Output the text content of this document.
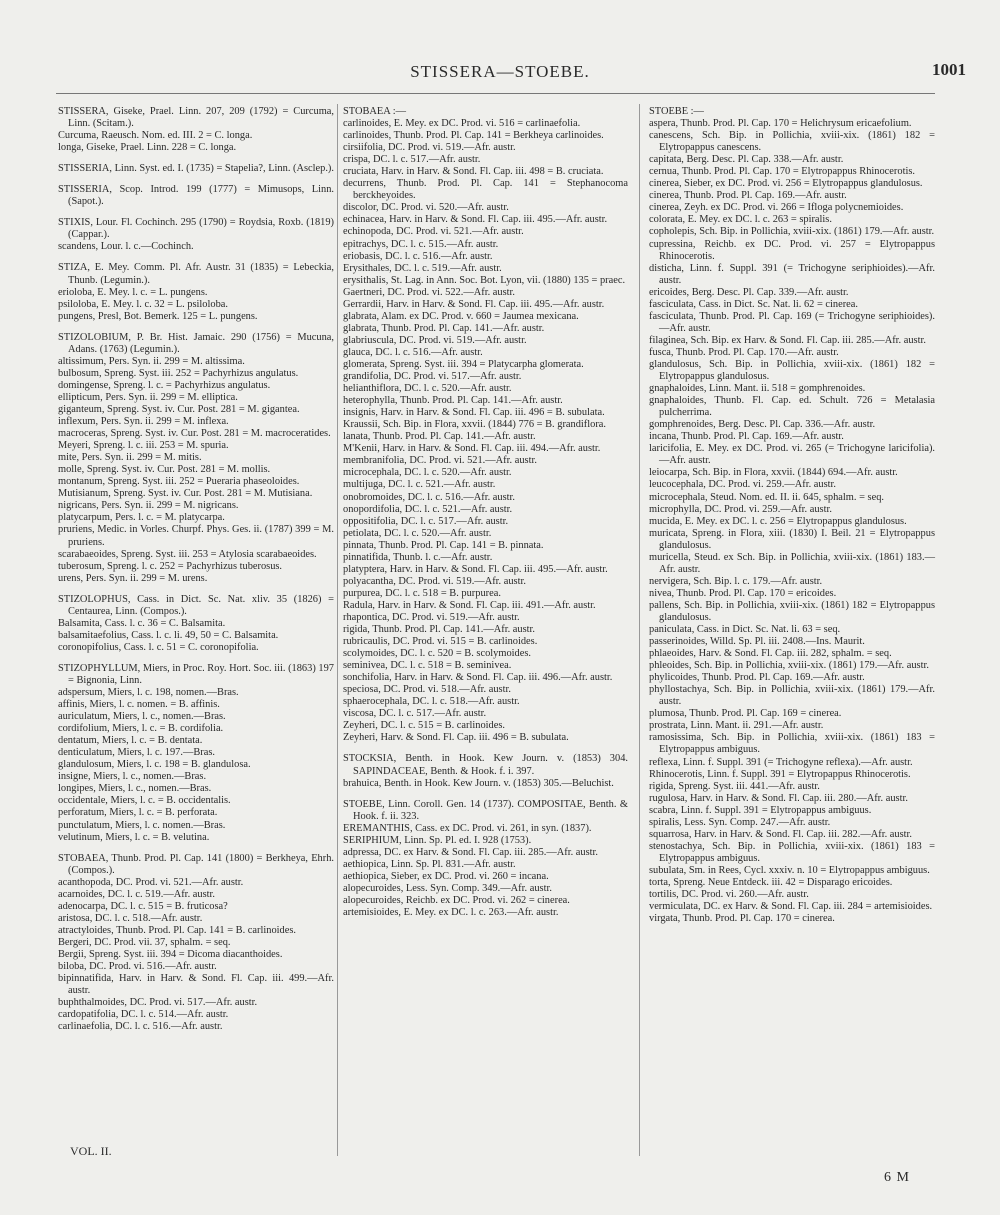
STISSERA—STOEBE.	1001
STISSERA, Giseke, Prael. Linn. 207, 209 (1792) = Curcuma, Linn. (Scitam.).
Curcuma, Raeusch. Nom. ed. III. 2 = C. longa.
longa, Giseke, Prael. Linn. 228 = C. longa.
STISSERIA, Linn. Syst. ed. I. (1735) = Stapelia?, Linn. (Asclep.).
STISSERIA, Scop. Introd. 199 (1777) = Mimusops, Linn. (Sapot.).
STIXIS, Lour. Fl. Cochinch. 295 (1790) = Roydsia, Roxb. (1819) (Cappar.).
scandens, Lour. l. c.—Cochinch.
STIZA, E. Mey. Comm. Pl. Afr. Austr. 31 (1835) = Lebeckia, Thunb. (Legumin.).
erioloba, E. Mey. l. c. = L. pungens.
psiloloba, E. Mey. l. c. 32 = L. psiloloba.
pungens, Presl, Bot. Bemerk. 125 = L. pungens.
STIZOLOBIUM, P. Br. Hist. Jamaic. 290 (1756) = Mucuna, Adans. (1763) (Legumin.).
altissimum, Pers. Syn. ii. 299 = M. altissima.
bulbosum, Spreng. Syst. iii. 252 = Pachyrhizus angulatus.
domingense, Spreng. l. c. = Pachyrhizus angulatus.
ellipticum, Pers. Syn. ii. 299 = M. elliptica.
giganteum, Spreng. Syst. iv. Cur. Post. 281 = M. gigantea.
inflexum, Pers. Syn. ii. 299 = M. inflexa.
macroceras, Spreng. Syst. iv. Cur. Post. 281 = M. macroceratides.
Meyeri, Spreng. l. c. iii. 253 = M. spuria.
mite, Pers. Syn. ii. 299 = M. mitis.
molle, Spreng. Syst. iv. Cur. Post. 281 = M. mollis.
montanum, Spreng. Syst. iii. 252 = Pueraria phaseoloides.
Mutisianum, Spreng. Syst. iv. Cur. Post. 281 = M. Mutisiana.
nigricans, Pers. Syn. ii. 299 = M. nigricans.
platycarpum, Pers. l. c. = M. platycarpa.
pruriens, Medic. in Vorles. Churpf. Phys. Ges. ii. (1787) 399 = M. pruriens.
scarabaeoides, Spreng. Syst. iii. 253 = Atylosia scarabaeoides.
tuberosum, Spreng. l. c. 252 = Pachyrhizus tuberosus.
urens, Pers. Syn. ii. 299 = M. urens.
STIZOLOPHUS, Cass. in Dict. Sc. Nat. xliv. 35 (1826) = Centaurea, Linn. (Compos.).
Balsamita, Cass. l. c. 36 = C. Balsamita.
balsamitaefolius, Cass. l. c. li. 49, 50 = C. Balsamita.
coronopifolius, Cass. l. c. 51 = C. coronopifolia.
STIZOPHYLLUM, Miers, in Proc. Roy. Hort. Soc. iii. (1863) 197 = Bignonia, Linn.
adspersum, Miers, l. c. 198, nomen.—Bras.
affinis, Miers, l. c. nomen. = B. affinis.
auriculatum, Miers, l. c., nomen.—Bras.
cordifolium, Miers, l. c. = B. cordifolia.
dentatum, Miers, l. c. = B. dentata.
denticulatum, Miers, l. c. 197.—Bras.
glandulosum, Miers, l. c. 198 = B. glandulosa.
insigne, Miers, l. c., nomen.—Bras.
longipes, Miers, l. c., nomen.—Bras.
occidentale, Miers, l. c. = B. occidentalis.
perforatum, Miers, l. c. = B. perforata.
punctulatum, Miers, l. c. nomen.—Bras.
velutinum, Miers, l. c. = B. velutina.
STOBAEA, Thunb. Prod. Pl. Cap. 141 (1800) = Berkheya, Ehrh. (Compos.).
acanthopoda, DC. Prod. vi. 521.—Afr. austr.
acarnoides, DC. l. c. 519.—Afr. austr.
adenocarpa, DC. l. c. 515 = B. fruticosa?
aristosa, DC. l. c. 518.—Afr. austr.
atractyloides, Thunb. Prod. Pl. Cap. 141 = B. carlinoides.
Bergeri, DC. Prod. vii. 37, sphalm. = seq.
Bergii, Spreng. Syst. iii. 394 = Dicoma diacanthoides.
biloba, DC. Prod. vi. 516.—Afr. austr.
bipinnatifida, Harv. in Harv. & Sond. Fl. Cap. iii. 499.—Afr. austr.
buphthalmoides, DC. Prod. vi. 517.—Afr. austr.
cardopatifolia, DC. l. c. 514.—Afr. austr.
carlinaefolia, DC. l. c. 516.—Afr. austr.
STOBAEA :—
carlinoides, E. Mey. ex DC. Prod. vi. 516 = carlinaefolia.
carlinoides, Thunb. Prod. Pl. Cap. 141 = Berkheya carlinoides.
cirsiifolia, DC. Prod. vi. 519.—Afr. austr.
crispa, DC. l. c. 517.—Afr. austr.
cruciata, Harv. in Harv. & Sond. Fl. Cap. iii. 498 = B. cruciata.
decurrens, Thunb. Prod. Pl. Cap. 141 = Stephanocoma berckheyoides.
discolor, DC. Prod. vi. 520.—Afr. austr.
echinacea, Harv. in Harv. & Sond. Fl. Cap. iii. 495.—Afr. austr.
echinopoda, DC. Prod. vi. 521.—Afr. austr.
epitrachys, DC. l. c. 515.—Afr. austr.
eriobasis, DC. l. c. 516.—Afr. austr.
Erysithales, DC. l. c. 519.—Afr. austr.
erysithalis, St. Lag. in Ann. Soc. Bot. Lyon, vii. (1880) 135 = praec.
Gaertneri, DC. Prod. vi. 522.—Afr. austr.
Gerrardii, Harv. in Harv. & Sond. Fl. Cap. iii. 495.—Afr. austr.
glabrata, Alam. ex DC. Prod. v. 660 = Jaumea mexicana.
glabrata, Thunb. Prod. Pl. Cap. 141.—Afr. austr.
glabriuscula, DC. Prod. vi. 519.—Afr. austr.
glauca, DC. l. c. 516.—Afr. austr.
glomerata, Spreng. Syst. iii. 394 = Platycarpha glomerata.
grandifolia, DC. Prod. vi. 517.—Afr. austr.
helianthiflora, DC. l. c. 520.—Afr. austr.
heterophylla, Thunb. Prod. Pl. Cap. 141.—Afr. austr.
insignis, Harv. in Harv. & Sond. Fl. Cap. iii. 496 = B. subulata.
Kraussii, Sch. Bip. in Flora, xxvii. (1844) 776 = B. grandiflora.
lanata, Thunb. Prod. Pl. Cap. 141.—Afr. austr.
M'Kenii, Harv. in Harv. & Sond. Fl. Cap. iii. 494.—Afr. austr.
membranifolia, DC. Prod. vi. 521.—Afr. austr.
microcephala, DC. l. c. 520.—Afr. austr.
multijuga, DC. l. c. 521.—Afr. austr.
onobromoides, DC. l. c. 516.—Afr. austr.
onopordifolia, DC. l. c. 521.—Afr. austr.
oppositifolia, DC. l. c. 517.—Afr. austr.
petiolata, DC. l. c. 520.—Afr. austr.
pinnata, Thunb. Prod. Pl. Cap. 141 = B. pinnata.
pinnatifida, Thunb. l. c.—Afr. austr.
platyptera, Harv. in Harv. & Sond. Fl. Cap. iii. 495.—Afr. austr.
polyacantha, DC. Prod. vi. 519.—Afr. austr.
purpurea, DC. l. c. 518 = B. purpurea.
Radula, Harv. in Harv. & Sond. Fl. Cap. iii. 491.—Afr. austr.
rhapontica, DC. Prod. vi. 519.—Afr. austr.
rigida, Thunb. Prod. Pl. Cap. 141.—Afr. austr.
rubricaulis, DC. Prod. vi. 515 = B. carlinoides.
scolymoides, DC. l. c. 520 = B. scolymoides.
seminivea, DC. l. c. 518 = B. seminivea.
sonchifolia, Harv. in Harv. & Sond. Fl. Cap. iii. 496.—Afr. austr.
speciosa, DC. Prod. vi. 518.—Afr. austr.
sphaerocephala, DC. l. c. 518.—Afr. austr.
viscosa, DC. l. c. 517.—Afr. austr.
Zeyheri, DC. l. c. 515 = B. carlinoides.
Zeyheri, Harv. & Sond. Fl. Cap. iii. 496 = B. subulata.
STOCKSIA, Benth. in Hook. Kew Journ. v. (1853) 304. SAPINDACEAE, Benth. & Hook. f. i. 397.
brahuica, Benth. in Hook. Kew Journ. v. (1853) 305.—Beluchist.
STOEBE, Linn. Coroll. Gen. 14 (1737). COMPOSITAE, Benth. & Hook. f. ii. 323.
EREMANTHIS, Cass. ex DC. Prod. vi. 261, in syn. (1837).
SERIPHIUM, Linn. Sp. Pl. ed. I. 928 (1753).
adpressa, DC. ex Harv. & Sond. Fl. Cap. iii. 285.—Afr. austr.
aethiopica, Linn. Sp. Pl. 831.—Afr. austr.
aethiopica, Sieber, ex DC. Prod. vi. 260 = incana.
alopecuroides, Less. Syn. Comp. 349.—Afr. austr.
alopecuroides, Reichb. ex DC. Prod. vi. 262 = cinerea.
artemisioides, E. Mey. ex DC. l. c. 263.—Afr. austr.
STOEBE :—
aspera, Thunb. Prod. Pl. Cap. 170 = Helichrysum ericaefolium.
canescens, Sch. Bip. in Pollichia, xviii-xix. (1861) 182 = Elytropappus canescens.
capitata, Berg. Desc. Pl. Cap. 338.—Afr. austr.
cernua, Thunb. Prod. Pl. Cap. 170 = Elytropappus Rhinocerotis.
cinerea, Sieber, ex DC. Prod. vi. 256 = Elytropappus glandulosus.
cinerea, Thunb. Prod. Pl. Cap. 169.—Afr. austr.
cinerea, Zeyh. ex DC. Prod. vi. 266 = Ifloga polycnemioides.
colorata, E. Mey. ex DC. l. c. 263 = spiralis.
copholepis, Sch. Bip. in Pollichia, xviii-xix. (1861) 179.—Afr. austr.
cupressina, Reichb. ex DC. Prod. vi. 257 = Elytropappus Rhinocerotis.
disticha, Linn. f. Suppl. 391 (= Trichogyne seriphioides).—Afr. austr.
ericoides, Berg. Desc. Pl. Cap. 339.—Afr. austr.
fasciculata, Cass. in Dict. Sc. Nat. li. 62 = cinerea.
fasciculata, Thunb. Prod. Pl. Cap. 169 (= Trichogyne seriphioides).—Afr. austr.
filaginea, Sch. Bip. ex Harv. & Sond. Fl. Cap. iii. 285.—Afr. austr.
fusca, Thunb. Prod. Pl. Cap. 170.—Afr. austr.
glandulosus, Sch. Bip. in Pollichia, xviii-xix. (1861) 182 = Elytropappus glandulosus.
gnaphaloides, Linn. Mant. ii. 518 = gomphrenoides.
gnaphaloides, Thunb. Fl. Cap. ed. Schult. 726 = Metalasia pulcherrima.
gomphrenoides, Berg. Desc. Pl. Cap. 336.—Afr. austr.
incana, Thunb. Prod. Pl. Cap. 169.—Afr. austr.
laricifolia, E. Mey. ex DC. Prod. vi. 265 (= Trichogyne laricifolia).—Afr. austr.
leiocarpa, Sch. Bip. in Flora, xxvii. (1844) 694.—Afr. austr.
leucocephala, DC. Prod. vi. 259.—Afr. austr.
microcephala, Steud. Nom. ed. II. ii. 645, sphalm. = seq.
microphylla, DC. Prod. vi. 259.—Afr. austr.
mucida, E. Mey. ex DC. l. c. 256 = Elytropappus glandulosus.
muricata, Spreng. in Flora, xiii. (1830) I. Beil. 21 = Elytropappus glandulosus.
muricella, Steud. ex Sch. Bip. in Pollichia, xviii-xix. (1861) 183.—Afr. austr.
nervigera, Sch. Bip. l. c. 179.—Afr. austr.
nivea, Thunb. Prod. Pl. Cap. 170 = ericoides.
pallens, Sch. Bip. in Pollichia, xviii-xix. (1861) 182 = Elytropappus glandulosus.
paniculata, Cass. in Dict. Sc. Nat. li. 63 = seq.
passerinoides, Willd. Sp. Pl. iii. 2408.—Ins. Maurit.
phlaeoides, Harv. & Sond. Fl. Cap. iii. 282, sphalm. = seq.
phleoides, Sch. Bip. in Pollichia, xviii-xix. (1861) 179.—Afr. austr.
phylicoides, Thunb. Prod. Pl. Cap. 169.—Afr. austr.
phyllostachya, Sch. Bip. in Pollichia, xviii-xix. (1861) 179.—Afr. austr.
plumosa, Thunb. Prod. Pl. Cap. 169 = cinerea.
prostrata, Linn. Mant. ii. 291.—Afr. austr.
ramosissima, Sch. Bip. in Pollichia, xviii-xix. (1861) 183 = Elytropappus ambiguus.
reflexa, Linn. f. Suppl. 391 (= Trichogyne reflexa).—Afr. austr.
Rhinocerotis, Linn. f. Suppl. 391 = Elytropappus Rhinocerotis.
rigida, Spreng. Syst. iii. 441.—Afr. austr.
rugulosa, Harv. in Harv. & Sond. Fl. Cap. iii. 280.—Afr. austr.
scabra, Linn. f. Suppl. 391 = Elytropappus ambiguus.
spiralis, Less. Syn. Comp. 247.—Afr. austr.
squarrosa, Harv. in Harv. & Sond. Fl. Cap. iii. 282.—Afr. austr.
stenostachya, Sch. Bip. in Pollichia, xviii-xix. (1861) 183 = Elytropappus ambiguus.
subulata, Sm. in Rees, Cycl. xxxiv. n. 10 = Elytropappus ambiguus.
torta, Spreng. Neue Entdeck. iii. 42 = Disparago ericoides.
tortilis, DC. Prod. vi. 260.—Afr. austr.
vermiculata, DC. ex Harv. & Sond. Fl. Cap. iii. 284 = artemisioides.
virgata, Thunb. Prod. Pl. Cap. 170 = cinerea.
VOL. II.
6 M
